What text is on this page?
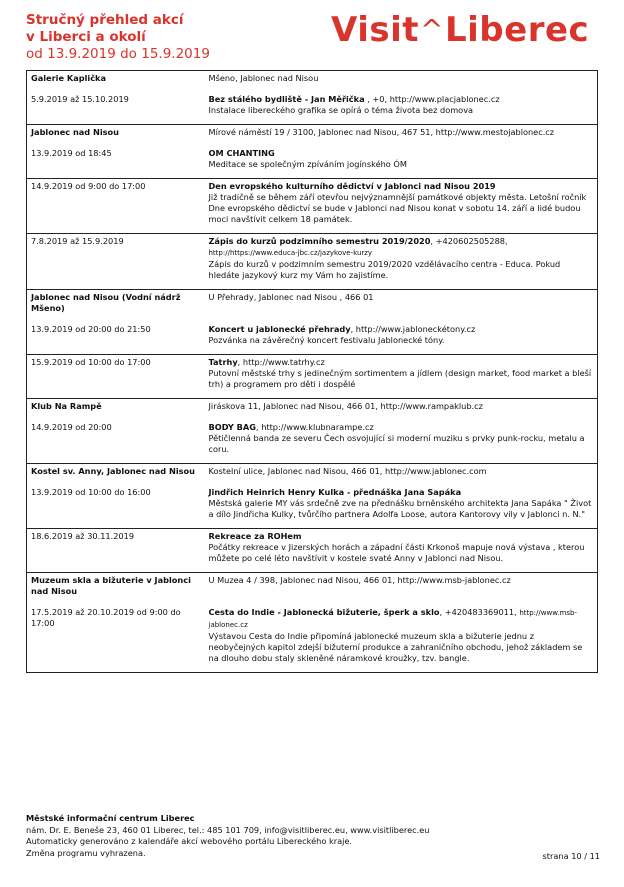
Stručný přehled akcí
v Liberci a okolí
od 13.9.2019 do 15.9.2019
Visit^Liberec
Galerie Kaplička	Mšeno, Jablonec nad Nisou

5.9.2019 až 15.10.2019	Bez stálého bydliště - Jan Měřička , +0, http://www.placjablonec.cz
Instalace libereckého grafika se opírá o téma života bez domova

Jablonec nad Nisou	Mírové náměstí 19 / 3100, Jablonec nad Nisou, 467 51, http://www.mestojablonec.cz

13.9.2019 od 18:45	OM CHANTING
Meditace se společným zpíváním jogínského ÓM

14.9.2019 od 9:00 do 17:00	Den evropského kulturního dědictví v Jablonci nad Nisou 2019
Již tradičně se během září otevřou nejvýznamnější památkové objekty města. Letošní ročník Dne evropského dědictví se bude v Jablonci nad Nisou konat v sobotu 14. září a lidé budou moci navštívit celkem 18 památek.

7.8.2019 až 15.9.2019	Zápis do kurzů podzimního semestru 2019/2020, +420602505288, http://https://www.educa-jbc.cz/jazykove-kurzy
Zápis do kurzů v podzimním semestru 2019/2020 vzdělávacího centra - Educa. Pokud hledáte jazykový kurz my Vám ho zajistíme.

Jablonec nad Nisou (Vodní nádrž Mšeno)	U Přehrady, Jablonec nad Nisou , 466 01

13.9.2019 od 20:00 do 21:50	Koncert u jablonecké přehrady, http://www.jabloneckétony.cz
Pozvánka na závěrečný koncert festivalu Jablonecké tóny.

15.9.2019 od 10:00 do 17:00	Tatrhy, http://www.tatrhy.cz
Putovní městské trhy s jedinečným sortimentem a jídlem (design market, food market a bleší trh) a programem pro děti i dospělé

Klub Na Rampě	Jiráskova 11, Jablonec nad Nisou, 466 01, http://www.rampaklub.cz

14.9.2019 od 20:00	BODY BAG, http://www.klubnarampe.cz
Pětičlenná banda ze severu Čech osvojující si moderní muziku s prvky punk-rocku, metalu a coru.

Kostel sv. Anny, Jablonec nad Nisou	Kostelní ulice, Jablonec nad Nisou, 466 01, http://www.jablonec.com

13.9.2019 od 10:00 do 16:00	Jindřich Heinrich Henry Kulka - přednáška Jana Sapáka
Městská galerie MY vás srdečně zve na přednášku brněnského architekta Jana Sapáka " Život a dílo Jindřicha Kulky, tvůrčího partnera Adolfa Loose, autora Kantorovy vily v Jablonci n. N."

18.6.2019 až 30.11.2019	Rekreace za ROHem
Počátky rekreace v Jizerských horách a západní části Krkonoš mapuje nová výstava , kterou můžete po celé léto navštívit v kostele svaté Anny v Jablonci nad Nisou.

Muzeum skla a bižuterie v Jablonci nad Nisou	U Muzea 4 / 398, Jablonec nad Nisou, 466 01, http://www.msb-jablonec.cz

17.5.2019 až 20.10.2019 od 9:00 do 17:00	Cesta do Indie - Jablonecká bižuterie, šperk a sklo, +420483369011, http://www.msb-jablonec.cz
Výstavou Cesta do Indie připomíná jablonecké muzeum skla a bižuterie jednu z neobyčejných kapitol zdejší bižuterní produkce a zahraničního obchodu, jehož základem se na dlouho dobu staly skleněné náramkové kroužky, tzv. bangle.

Městské informační centrum Liberec
nám. Dr. E. Beneše 23, 460 01 Liberec, tel.: 485 101 709, info@visitliberec.eu, www.visitliberec.eu
Automaticky generováno z kalendáře akcí webového portálu Libereckého kraje.
Změna programu vyhrazena.	strana 10 / 11
